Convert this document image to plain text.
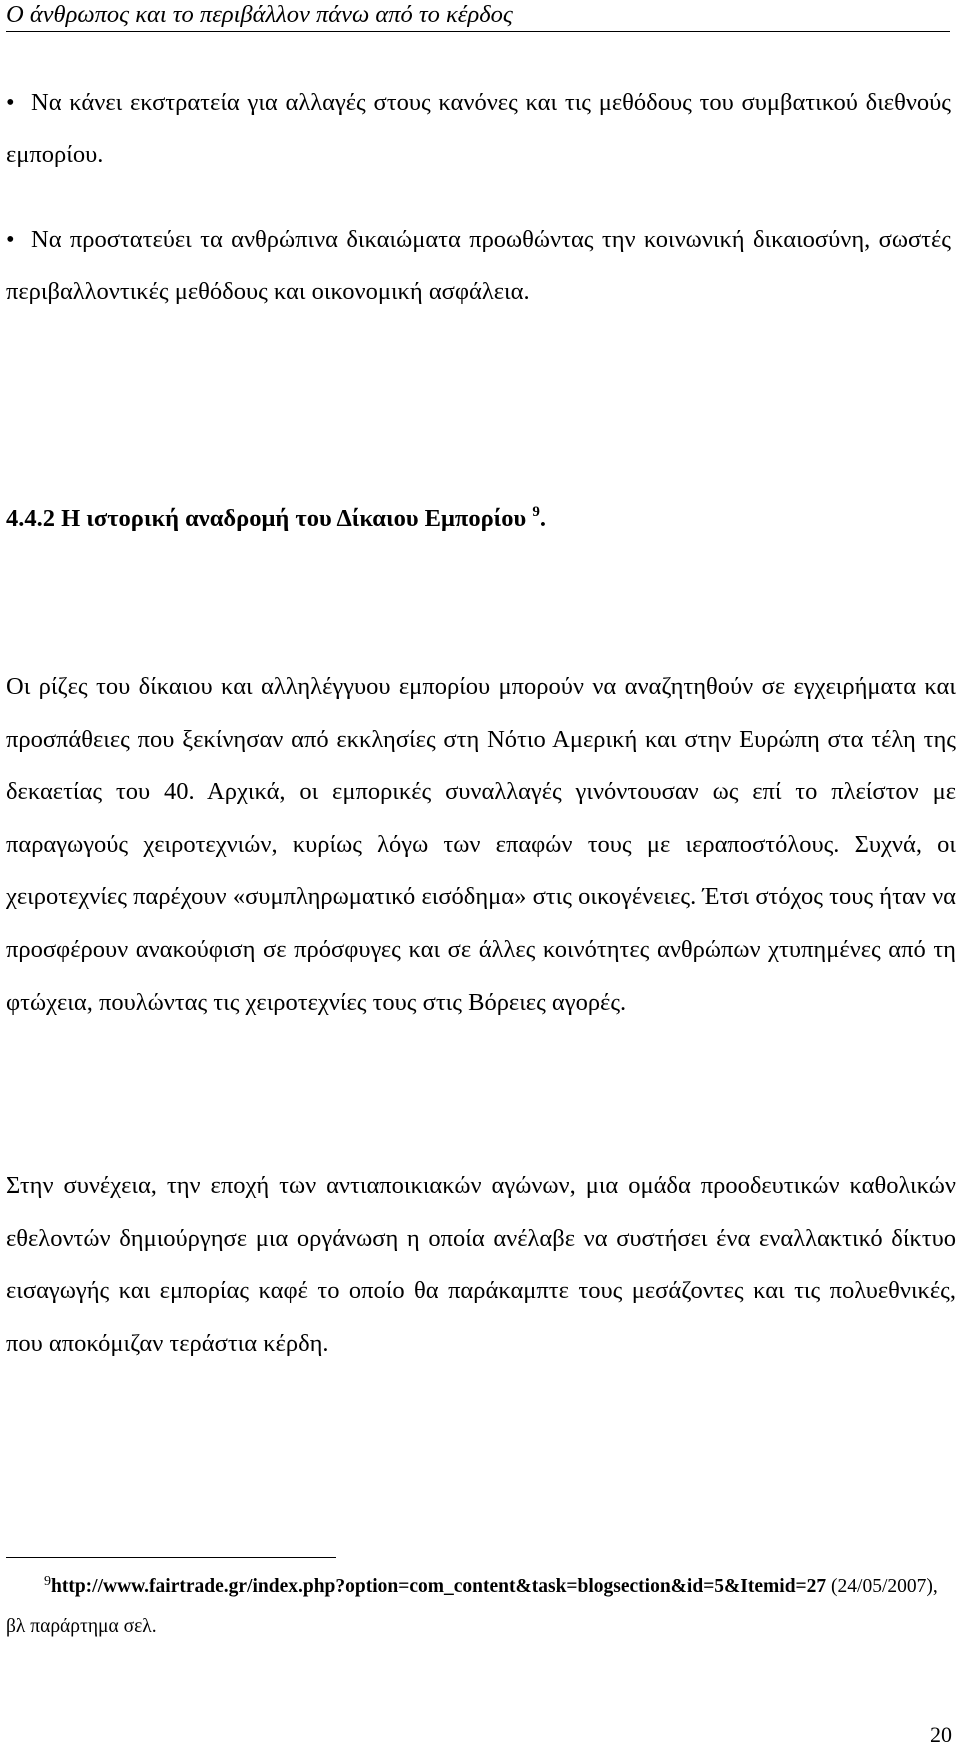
Ο άνθρωπος και το περιβάλλον πάνω από το κέρδος
• Να κάνει εκστρατεία για αλλαγές στους κανόνες και τις μεθόδους του συμβατικού διεθνούς εμπορίου.
• Να προστατεύει τα ανθρώπινα δικαιώματα προωθώντας την κοινωνική δικαιοσύνη, σωστές περιβαλλοντικές μεθόδους και οικονομική ασφάλεια.
4.4.2 Η ιστορική αναδρομή του Δίκαιου Εμπορίου $^9$.

Οι ρίζες του δίκαιου και αλληλέγγυου εμπορίου μπορούν να αναζητηθούν σε εγχειρήματα και προσπάθειες που ξεκίνησαν από εκκλησίες στη Νότιο Αμερική και στην Ευρώπη στα τέλη της δεκαετίας του 40. Αρχικά, οι εμπορικές συναλλαγές γινόντουσαν ως επί το πλείστον με παραγωγούς χειροτεχνιών, κυρίως λόγω των επαφών τους με ιεραποστόλους. Συχνά, οι χειροτεχνίες παρέχουν «συμπληρωματικό εισόδημα» στις οικογένειες. Έτσι στόχος τους ήταν να προσφέρουν ανακούφιση σε πρόσφυγες και σε άλλες κοινότητες ανθρώπων χτυπημένες από τη φτώχεια, πουλώντας τις χειροτεχνίες τους στις Βόρειες αγορές.

Στην συνέχεια, την εποχή των αντιαποικιακών αγώνων, μια ομάδα προοδευτικών καθολικών εθελοντών δημιούργησε μια οργάνωση η οποία ανέλαβε να συστήσει ένα εναλλακτικό δίκτυο εισαγωγής και εμπορίας καφέ το οποίο θα παράκαμπτε τους μεσάζοντες και τις πολυεθνικές, που αποκόμιζαν τεράστια κέρδη.

$^9$http://www.fairtrade.gr/index.php?option=com_content&task=blogsection&id=5&Itemid=27 (24/05/2007), βλ παράρτημα σελ.

20
